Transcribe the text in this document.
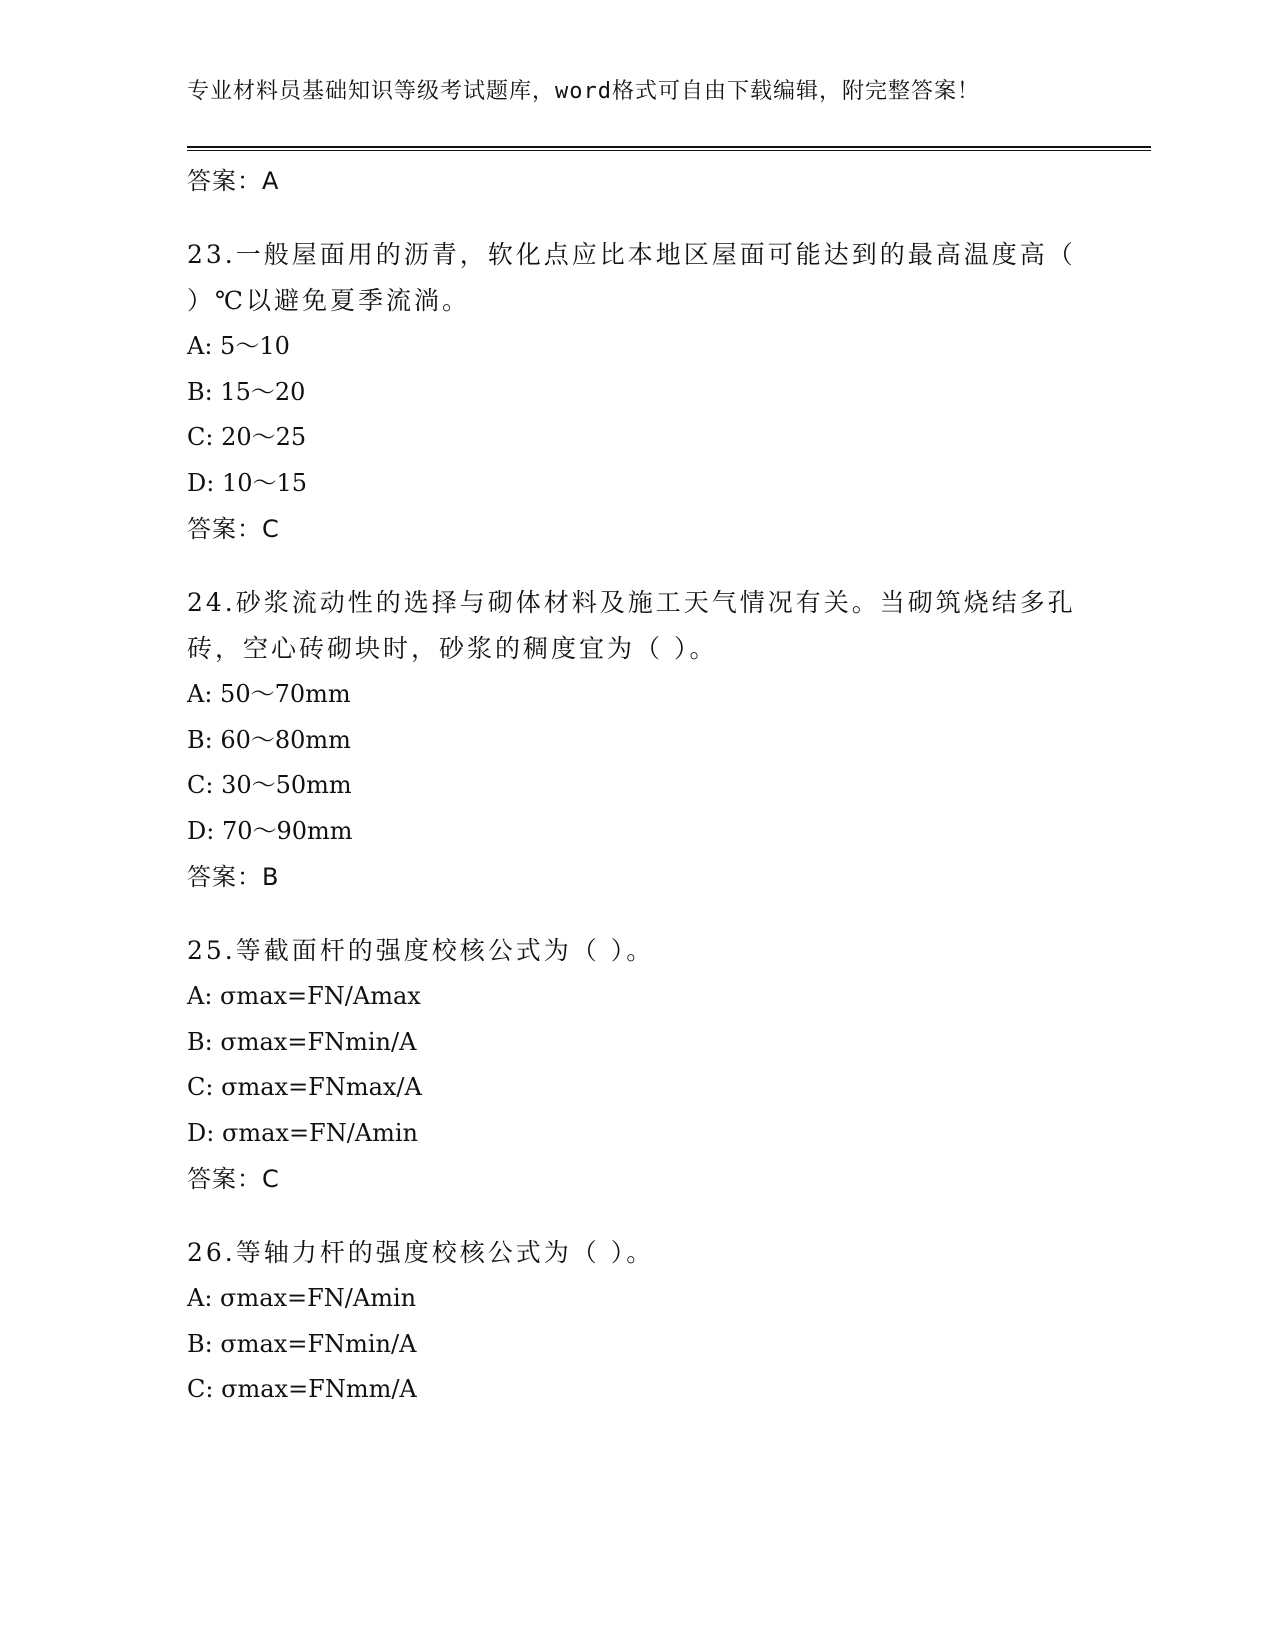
专业材料员基础知识等级考试题库，word格式可自由下载编辑，附完整答案！

答案：A

23.一般屋面用的沥青，软化点应比本地区屋面可能达到的最高温度高（ ）℃以避免夏季流淌。

A: 5～10

B: 15～20

C: 20～25

D: 10～15

答案：C

24.砂浆流动性的选择与砌体材料及施工天气情况有关。当砌筑烧结多孔砖，空心砖砌块时，砂浆的稠度宜为（ ）。

A: 50～70mm

B: 60～80mm

C: 30～50mm

D: 70～90mm

答案：B

25.等截面杆的强度校核公式为（ ）。

A: σmax=FN/Amax

B: σmax=FNmin/A

C: σmax=FNmax/A

D: σmax=FN/Amin

答案：C

26.等轴力杆的强度校核公式为（ ）。

A: σmax=FN/Amin

B: σmax=FNmin/A

C: σmax=FNmm/A
